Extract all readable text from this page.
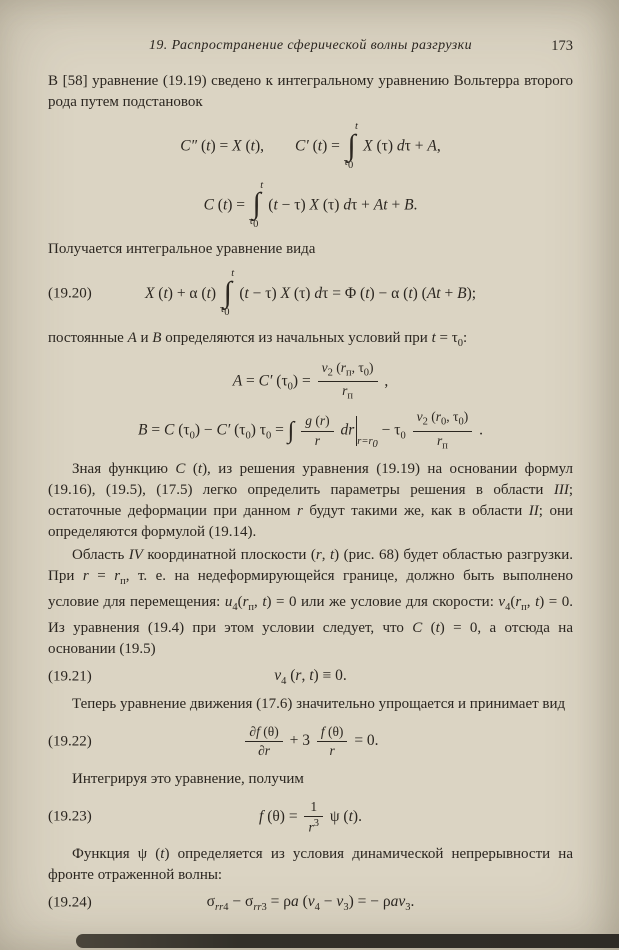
19. Распространение сферической волны разгрузки	173

В [58] уравнение (19.19) сведено к интегральному уравнению Вольтерра второго рода путем подстановок

C″ (t) = X (t),  C′ (t) =
t
∫
$\tau_0$
X (τ) dτ + A,
C (t) =
t
∫
$\tau_0$
(t − τ) X (τ) dτ + At + B.

Получается интегральное уравнение вида

(19.20)	X (t) + α (t)
t
∫
$\tau_0$
(t − τ) X (τ) dτ = Φ (t) − α (t) (At + B);

постоянные A и B определяются из начальных условий при $t = \tau_0$:

A = C′ $(\tau_0) = \frac{v_2 (r_п, \tau_0)}{r_п}$ ,
B = C $(\tau_0) - C'$ $(\tau_0) \tau_0$ = ∫ $\frac{g (r)}{r} dr_{r=r_0} - \tau_0 \frac{v_2 (r_0, \tau_0)}{r_п}$ .

Зная функцию C (t), из решения уравнения (19.19) на основании формул (19.16), (19.5), (17.5) легко определить параметры решения в области III; остаточные деформации при данном r будут такими же, как в области II; они определяются формулой (19.14).

Область IV координатной плоскости (r, t) (рис. 68) будет областью разгрузки. При $r = r_п$, т. е. на недеформирующейся границе, должно быть выполнено условие для перемещения: $u_4(r_п$, t) = 0 или же условие для скорости: $v_4(r_п$, t) = 0. Из уравнения (19.4) при этом условии следует, что C (t) = 0, а отсюда на основании (19.5)

(19.21)	$v_4$ (r, t) ≡ 0.

Теперь уравнение движения (17.6) значительно упрощается и принимает вид

(19.22)	$\frac{\partial f (\theta)}{\partial r} + 3 \frac{f (\theta)}{r} = 0$.

Интегрируя это уравнение, получим

(19.23)	f $(\theta) = \frac{1}{r^3}$ ψ (t).

Функция ψ (t) определяется из условия динамической непрерывности на фронте отраженной волны:

(19.24)	$\sigma_{rr4} - \sigma_{rr3} = \rho a$ $(v_4 - v_3)$ = − ρav$_3$.
